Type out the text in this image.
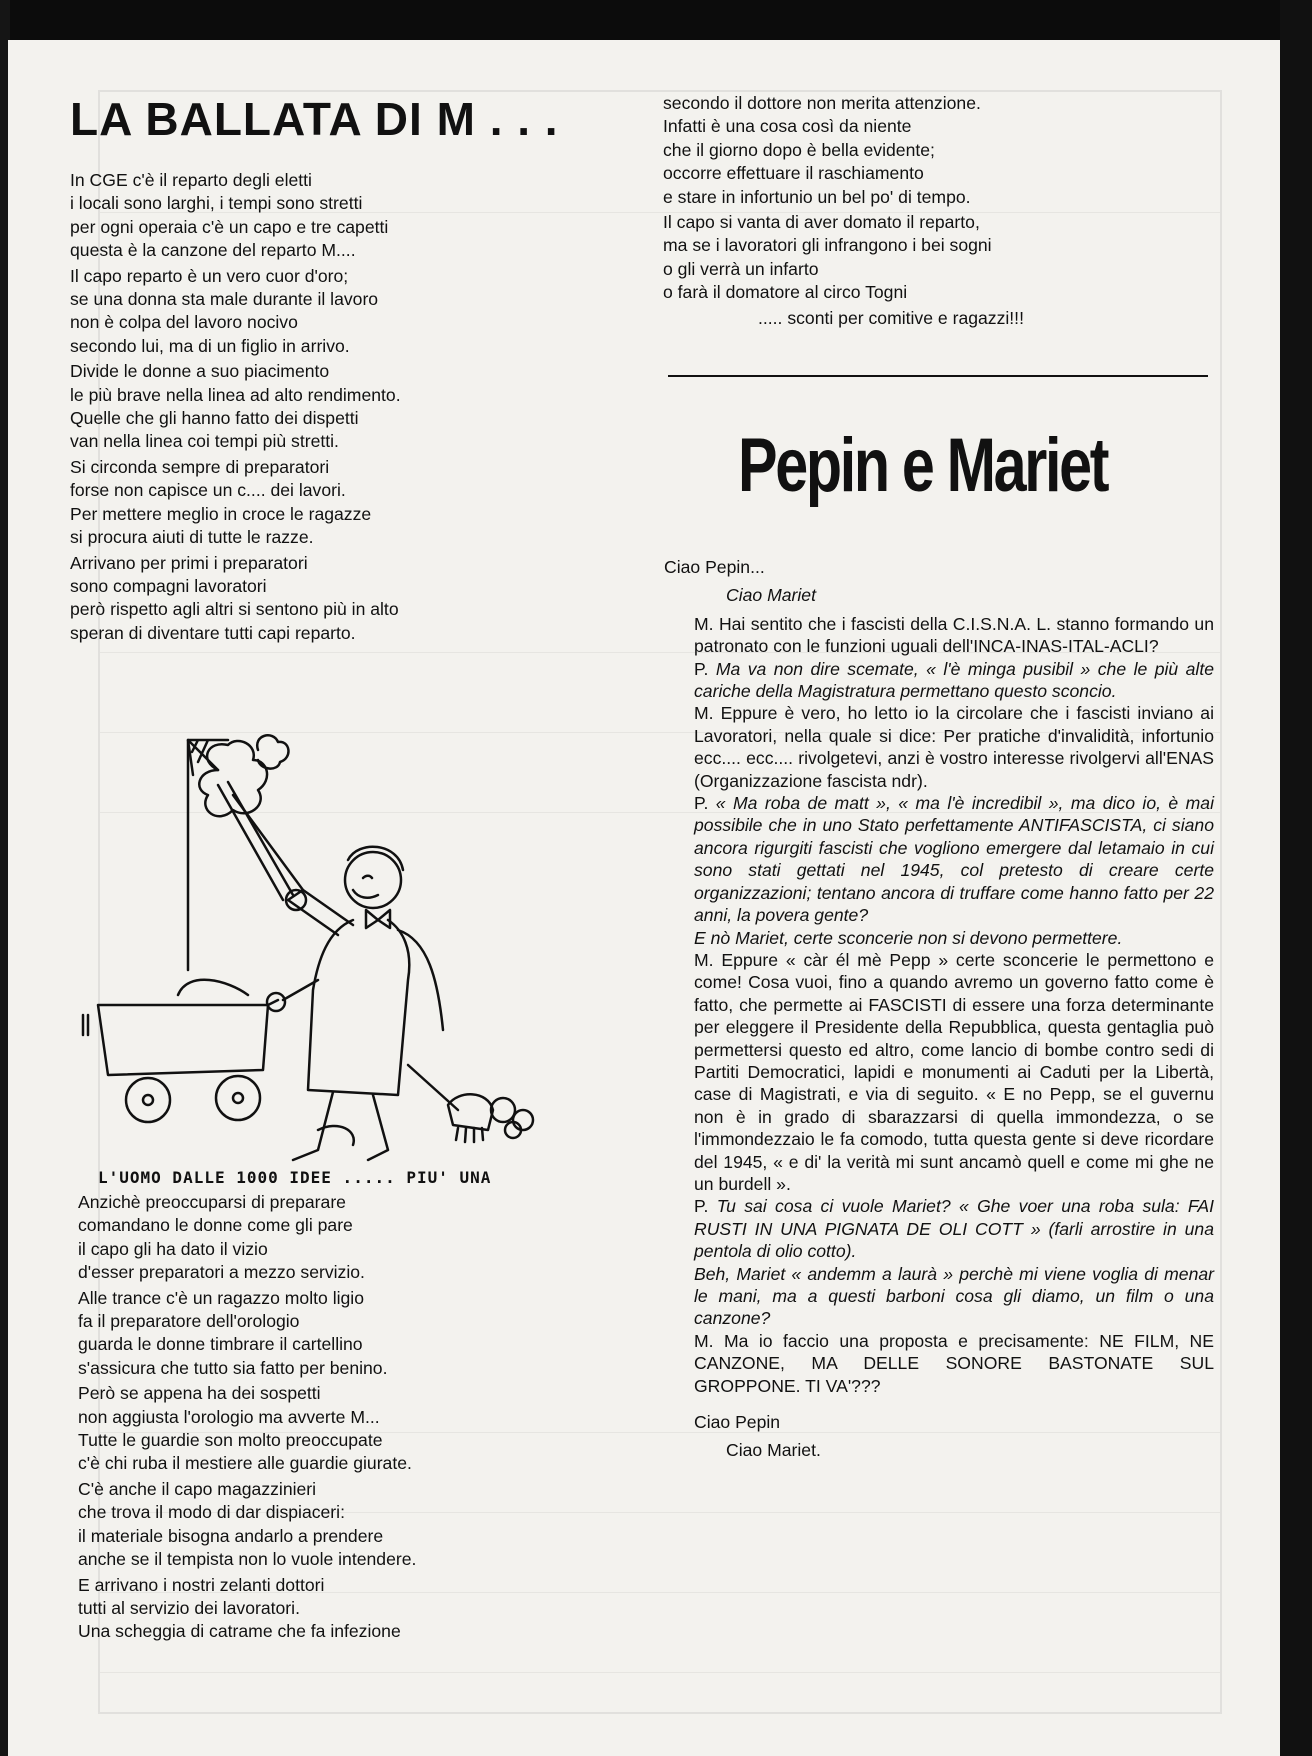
LA BALLATA DI M . . .
In CGE c'è il reparto degli eletti
i locali sono larghi, i tempi sono stretti
per ogni operaia c'è un capo e tre capetti
questa è la canzone del reparto M....
Il capo reparto è un vero cuor d'oro;
se una donna sta male durante il lavoro
non è colpa del lavoro nocivo
secondo lui, ma di un figlio in arrivo.
Divide le donne a suo piacimento
le più brave nella linea ad alto rendimento.
Quelle che gli hanno fatto dei dispetti
van nella linea coi tempi più stretti.
Si circonda sempre di preparatori
forse non capisce un c.... dei lavori.
Per mettere meglio in croce le ragazze
si procura aiuti di tutte le razze.
Arrivano per primi i preparatori
sono compagni lavoratori
però rispetto agli altri si sentono più in alto
speran di diventare tutti capi reparto.
L'UOMO DALLE 1000 IDEE ..... PIU' UNA
Anzichè preoccuparsi di preparare
comandano le donne come gli pare
il capo gli ha dato il vizio
d'esser preparatori a mezzo servizio.
Alle trance c'è un ragazzo molto ligio
fa il preparatore dell'orologio
guarda le donne timbrare il cartellino
s'assicura che tutto sia fatto per benino.
Però se appena ha dei sospetti
non aggiusta l'orologio ma avverte M...
Tutte le guardie son molto preoccupate
c'è chi ruba il mestiere alle guardie giurate.
C'è anche il capo magazzinieri
che trova il modo di dar dispiaceri:
il materiale bisogna andarlo a prendere
anche se il tempista non lo vuole intendere.
E arrivano i nostri zelanti dottori
tutti al servizio dei lavoratori.
Una scheggia di catrame che fa infezione
secondo il dottore non merita attenzione.
Infatti è una cosa così da niente
che il giorno dopo è bella evidente;
occorre effettuare il raschiamento
e stare in infortunio un bel po' di tempo.
Il capo si vanta di aver domato il reparto,
ma se i lavoratori gli infrangono i bei sogni
o gli verrà un infarto
o farà il domatore al circo Togni
..... sconti per comitive e ragazzi!!!
Pepin e Mariet

Ciao Pepin...

Ciao Mariet

M. Hai sentito che i fascisti della C.I.S.N.A. L. stanno formando un patronato con le funzioni uguali dell'INCA-INAS-ITAL-ACLI?

P. Ma va non dire scemate, « l'è minga pusibil » che le più alte cariche della Magistratura permettano questo sconcio.

M. Eppure è vero, ho letto io la circolare che i fascisti inviano ai Lavoratori, nella quale si dice: Per pratiche d'invalidità, infortunio ecc.... ecc.... rivolgetevi, anzi è vostro interesse rivolgervi all'ENAS (Organizzazione fascista ndr).

P. « Ma roba de matt », « ma l'è incredibil », ma dico io, è mai possibile che in uno Stato perfettamente ANTIFASCISTA, ci siano ancora rigurgiti fascisti che vogliono emergere dal letamaio in cui sono stati gettati nel 1945, col pretesto di creare certe organizzazioni; tentano ancora di truffare come hanno fatto per 22 anni, la povera gente?

E nò Mariet, certe sconcerie non si devono permettere.

M. Eppure « càr él mè Pepp » certe sconcerie le permettono e come! Cosa vuoi, fino a quando avremo un governo fatto come è fatto, che permette ai FASCISTI di essere una forza determinante per eleggere il Presidente della Repubblica, questa gentaglia può permettersi questo ed altro, come lancio di bombe contro sedi di Partiti Democratici, lapidi e monumenti ai Caduti per la Libertà, case di Magistrati, e via di seguito. « E no Pepp, se el guvernu non è in grado di sbarazzarsi di quella immondezza, o se l'immondezzaio le fa comodo, tutta questa gente si deve ricordare del 1945, « e di' la verità mi sunt ancamò quell e come mi ghe ne un burdell ».

P. Tu sai cosa ci vuole Mariet? « Ghe voer una roba sula: FAI RUSTI IN UNA PIGNATA DE OLI COTT » (farli arrostire in una pentola di olio cotto).

Beh, Mariet « andemm a laurà » perchè mi viene voglia di menar le mani, ma a questi barboni cosa gli diamo, un film o una canzone?

M. Ma io faccio una proposta e precisamente: NE FILM, NE CANZONE, MA DELLE SONORE BASTONATE SUL GROPPONE. TI VA'???

Ciao Pepin

Ciao Mariet.
